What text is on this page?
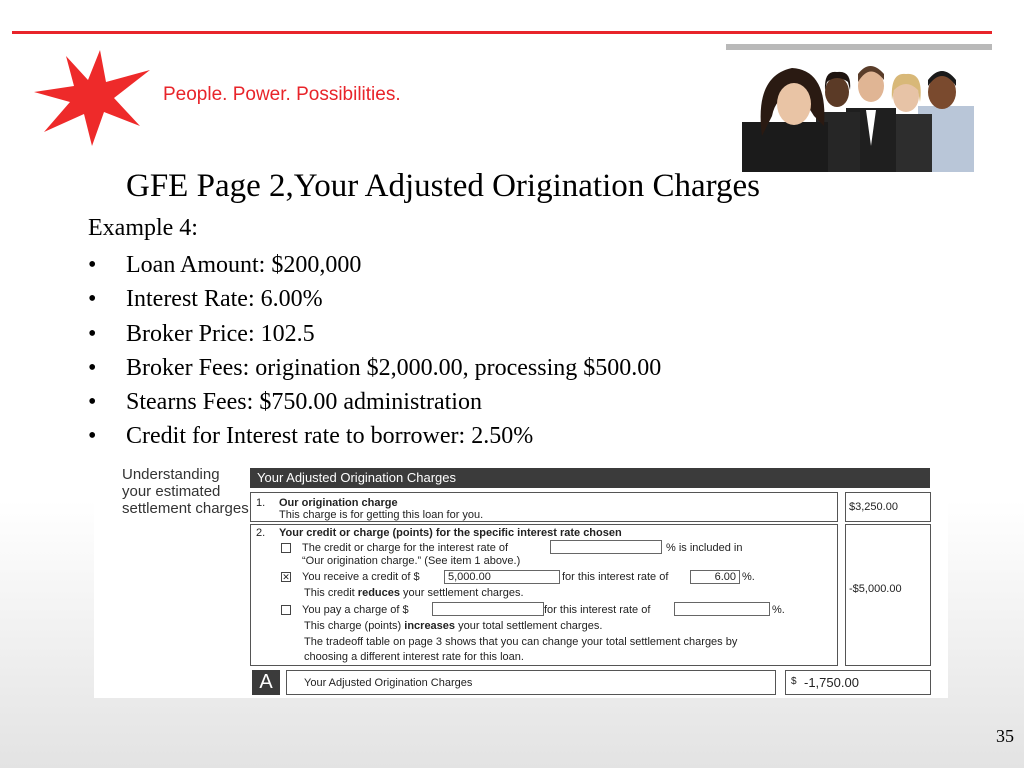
People. Power. Possibilities.
GFE Page 2,Your Adjusted Origination Charges
Example 4:
• Loan Amount: $200,000
• Interest Rate: 6.00%
• Broker Price: 102.5
• Broker Fees: origination $2,000.00, processing $500.00
• Stearns Fees: $750.00 administration
• Credit for Interest rate to borrower: 2.50%
Understanding your estimated settlement charges
Your Adjusted Origination Charges
1. Our origination charge
This charge is for getting this loan for you.
$3,250.00
2. Your credit or charge (points) for the specific interest rate chosen
The credit or charge for the interest rate of	% is included in
“Our origination charge.” (See item 1 above.)
✕ You receive a credit of $	5,000.00	for this interest rate of	6.00 %.
This credit reduces your settlement charges.
You pay a charge of $	for this interest rate of	%.
This charge (points) increases your total settlement charges.
The tradeoff table on page 3 shows that you can change your total settlement charges by
choosing a different interest rate for this loan.
-$5,000.00
A	Your Adjusted Origination Charges	$ -1,750.00
35
